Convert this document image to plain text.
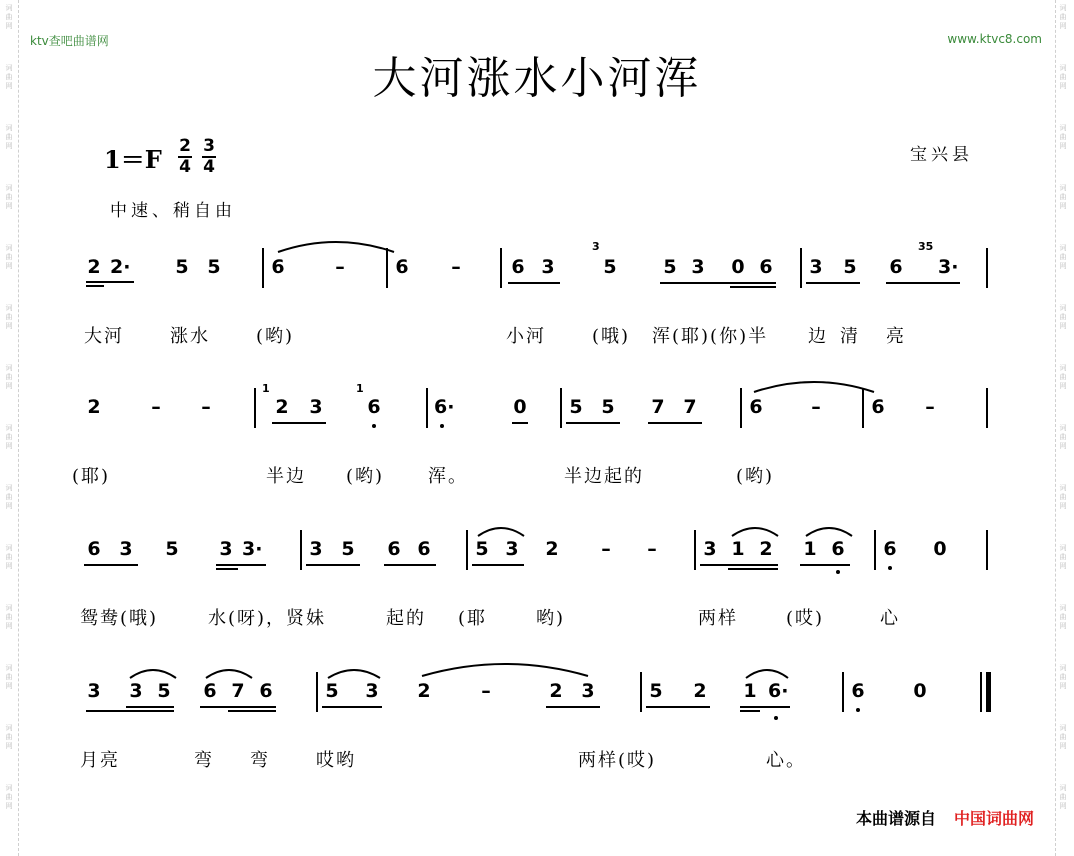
ktv查吧曲谱网	www.ktvc8.com
大河涨水小河浑
1＝F 2
4
3
4
宝兴县
中速、稍自由
2 2· 5 5	6	–	6 –	6 3
3
5 5 3 0 6 3 5 6
35
3·
大河	涨水	(哟)	小河	(哦) 浑(耶)(你)半 边 清 亮
2	– –
1
2 3
1
6	6·	0 5 5 7 7	6	–	6 –
(耶)	半边 (哟) 浑。	半边起的	(哟)
6 3 5 3 3· 3 5 6 6 5 3 2 – – 3 1 2 1 6 6 0
鸳鸯(哦)	水(呀)，贤妹	起的 (耶	哟)	两样	(哎)	心
3 3 5 6 7 6	5 3 2	–	2 3	5 2 1 6·	6	0
月亮	弯 弯	哎哟	两样(哎)	心。
本曲谱源自 中国词曲网
词
曲
网
词
曲
网
词
曲
网
词
曲
网
词
曲
网
词
曲
网
词
曲
网
词
曲
网
词
曲
网
词
曲
网
词
曲
网
词
曲
网
词
曲
网
词
曲
网
词
曲
网
词
曲
网
词
曲
网
词
曲
网
词
曲
网
词
曲
网
词
曲
网
词
曲
网
词
曲
网
词
曲
网
词
曲
网
词
曲
网
词
曲
网
词
曲
网
